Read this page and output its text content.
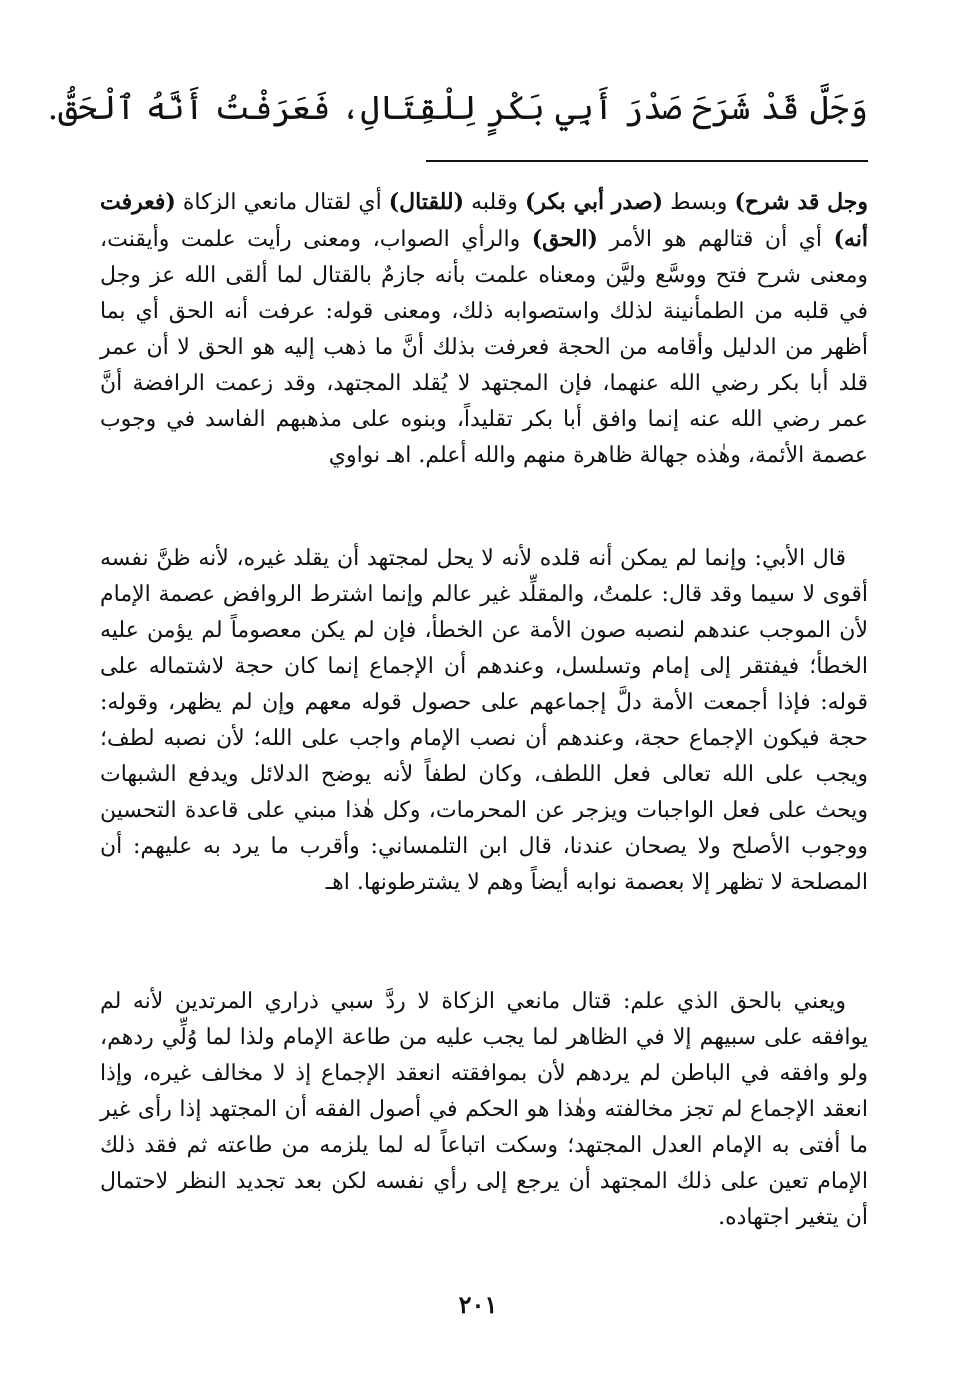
وَجَلَّ قَدْ شَرَحَ صَدْرَ أَبِي بَكْرٍ لِلْقِتَالِ، فَعَرَفْتُ أَنَّهُ ٱلْحَقُّ.

وجل قد شرح) وبسط (صدر أبي بكر) وقلبه (للقتال) أي لقتال مانعي الزكاة (فعرفت أنه) أي أن قتالهم هو الأمر (الحق) والرأي الصواب، ومعنى رأيت علمت وأيقنت، ومعنى شرح فتح ووسَّع وليَّن ومعناه علمت بأنه جازمٌ بالقتال لما ألقى الله عز وجل في قلبه من الطمأنينة لذلك واستصوابه ذلك، ومعنى قوله: عرفت أنه الحق أي بما أظهر من الدليل وأقامه من الحجة فعرفت بذلك أنَّ ما ذهب إليه هو الحق لا أن عمر قلد أبا بكر رضي الله عنهما، فإن المجتهد لا يُقلد المجتهد، وقد زعمت الرافضة أنَّ عمر رضي الله عنه إنما وافق أبا بكر تقليداً، وبنوه على مذهبهم الفاسد في وجوب عصمة الأئمة، وهٰذه جهالة ظاهرة منهم والله أعلم. اهـ نواوي

قال الأبي: وإنما لم يمكن أنه قلده لأنه لا يحل لمجتهد أن يقلد غيره، لأنه ظنَّ نفسه أقوى لا سيما وقد قال: علمتُ، والمقلِّد غير عالم وإنما اشترط الروافض عصمة الإمام لأن الموجب عندهم لنصبه صون الأمة عن الخطأ، فإن لم يكن معصوماً لم يؤمن عليه الخطأ؛ فيفتقر إلى إمام وتسلسل، وعندهم أن الإجماع إنما كان حجة لاشتماله على قوله: فإذا أجمعت الأمة دلَّ إجماعهم على حصول قوله معهم وإن لم يظهر، وقوله: حجة فيكون الإجماع حجة، وعندهم أن نصب الإمام واجب على الله؛ لأن نصبه لطف؛ ويجب على الله تعالى فعل اللطف، وكان لطفاً لأنه يوضح الدلائل ويدفع الشبهات ويحث على فعل الواجبات ويزجر عن المحرمات، وكل هٰذا مبني على قاعدة التحسين ووجوب الأصلح ولا يصحان عندنا، قال ابن التلمساني: وأقرب ما يرد به عليهم: أن المصلحة لا تظهر إلا بعصمة نوابه أيضاً وهم لا يشترطونها. اهـ

ويعني بالحق الذي علم: قتال مانعي الزكاة لا ردَّ سبي ذراري المرتدين لأنه لم يوافقه على سبيهم إلا في الظاهر لما يجب عليه من طاعة الإمام ولذا لما وُلِّي ردهم، ولو وافقه في الباطن لم يردهم لأن بموافقته انعقد الإجماع إذ لا مخالف غيره، وإذا انعقد الإجماع لم تجز مخالفته وهٰذا هو الحكم في أصول الفقه أن المجتهد إذا رأى غير ما أفتى به الإمام العدل المجتهد؛ وسكت اتباعاً له لما يلزمه من طاعته ثم فقد ذلك الإمام تعين على ذلك المجتهد أن يرجع إلى رأي نفسه لكن بعد تجديد النظر لاحتمال أن يتغير اجتهاده.

٢٠١
